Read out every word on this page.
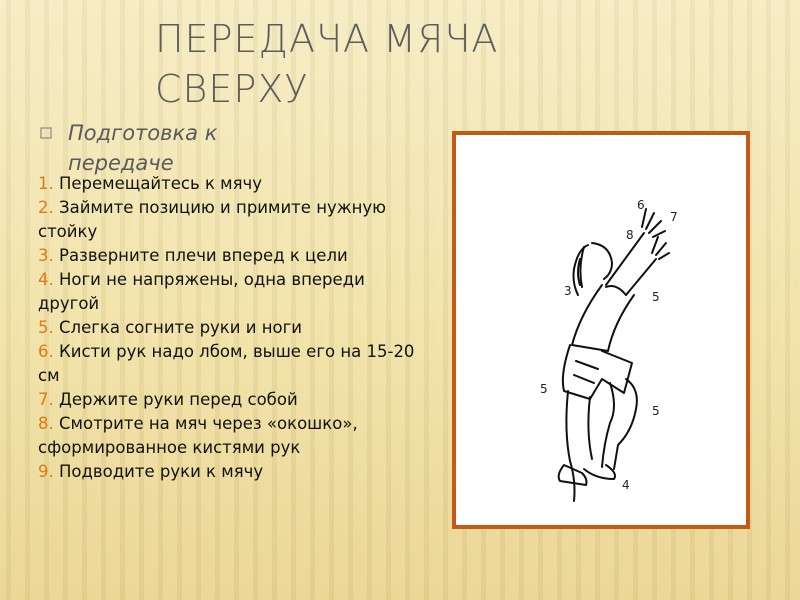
ПЕРЕДАЧА МЯЧА СВЕРХУ

Подготовка к передаче

1. Перемещайтесь к мячу
2. Займите позицию и примите нужную стойку
3. Разверните плечи вперед к цели
4. Ноги не напряжены, одна впереди другой
5. Слегка согните руки и ноги
6. Кисти рук надо лбом, выше его на 15-20 см
7. Держите руки перед собой
8. Смотрите на мяч через «окошко», сформированное кистями рук
9. Подводите руки к мячу
6
7
8
3	5
5
5
4
